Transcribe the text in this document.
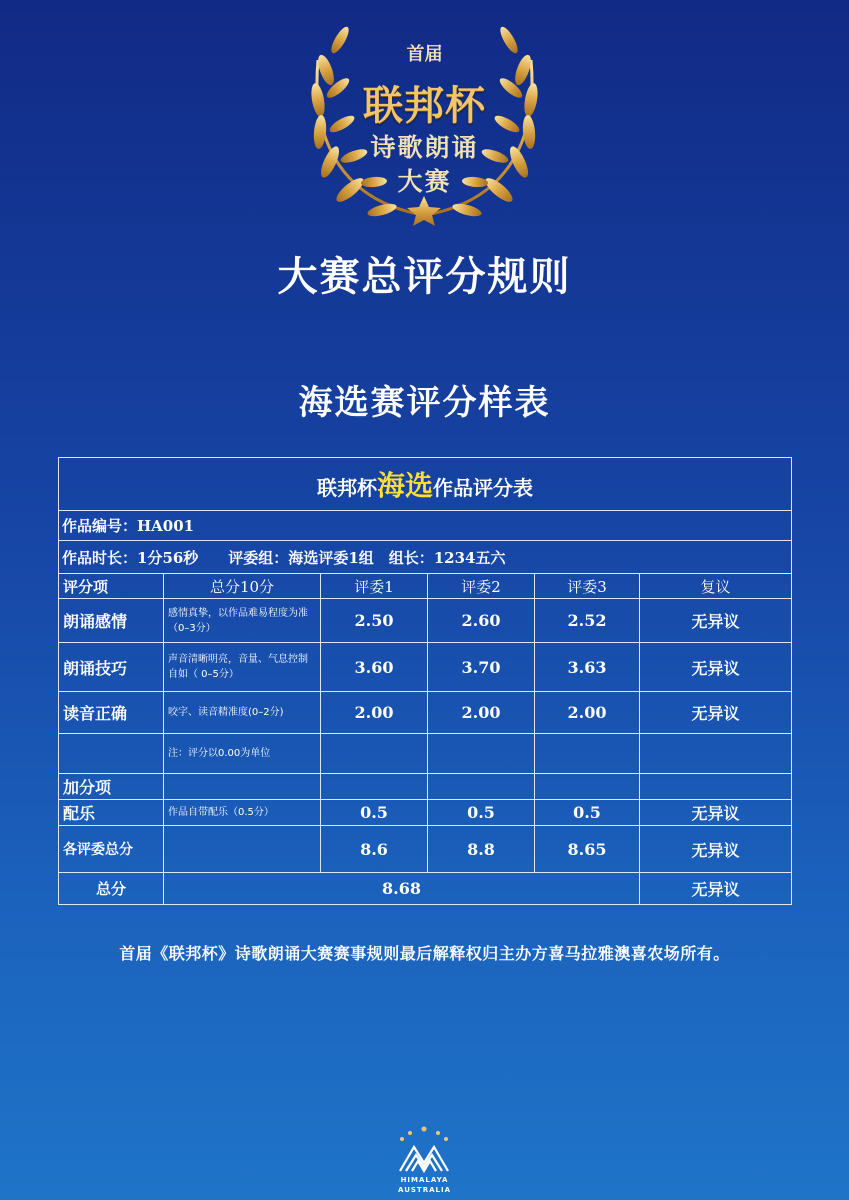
首届
联邦杯
诗歌朗诵
大赛
大赛总评分规则
海选赛评分样表
联邦杯海选作品评分表					
作品编号：HA001					
作品时长：1分56秒　　评委组：海选评委1组　组长：1234五六					
评分项	总分10分	评委1	评委2	评委3	复议
朗诵感情	感情真挚，以作品难易程度为准（0–3分）	2.50	2.60	2.52	无异议
朗诵技巧	声音清晰明亮，音量、气息控制自如（ 0–5分）	3.60	3.70	3.63	无异议
读音正确	咬字、读音精准度(0–2分)	2.00	2.00	2.00	无异议
	注：评分以0.00为单位				
加分项					
配乐	作品自带配乐（0.5分）	0.5	0.5	0.5	无异议
各评委总分		8.6	8.8	8.65	无异议
总分	8.68				无异议
首届《联邦杯》诗歌朗诵大赛赛事规则最后解释权归主办方喜马拉雅澳喜农场所有。
HIMALAYA
AUSTRALIA
